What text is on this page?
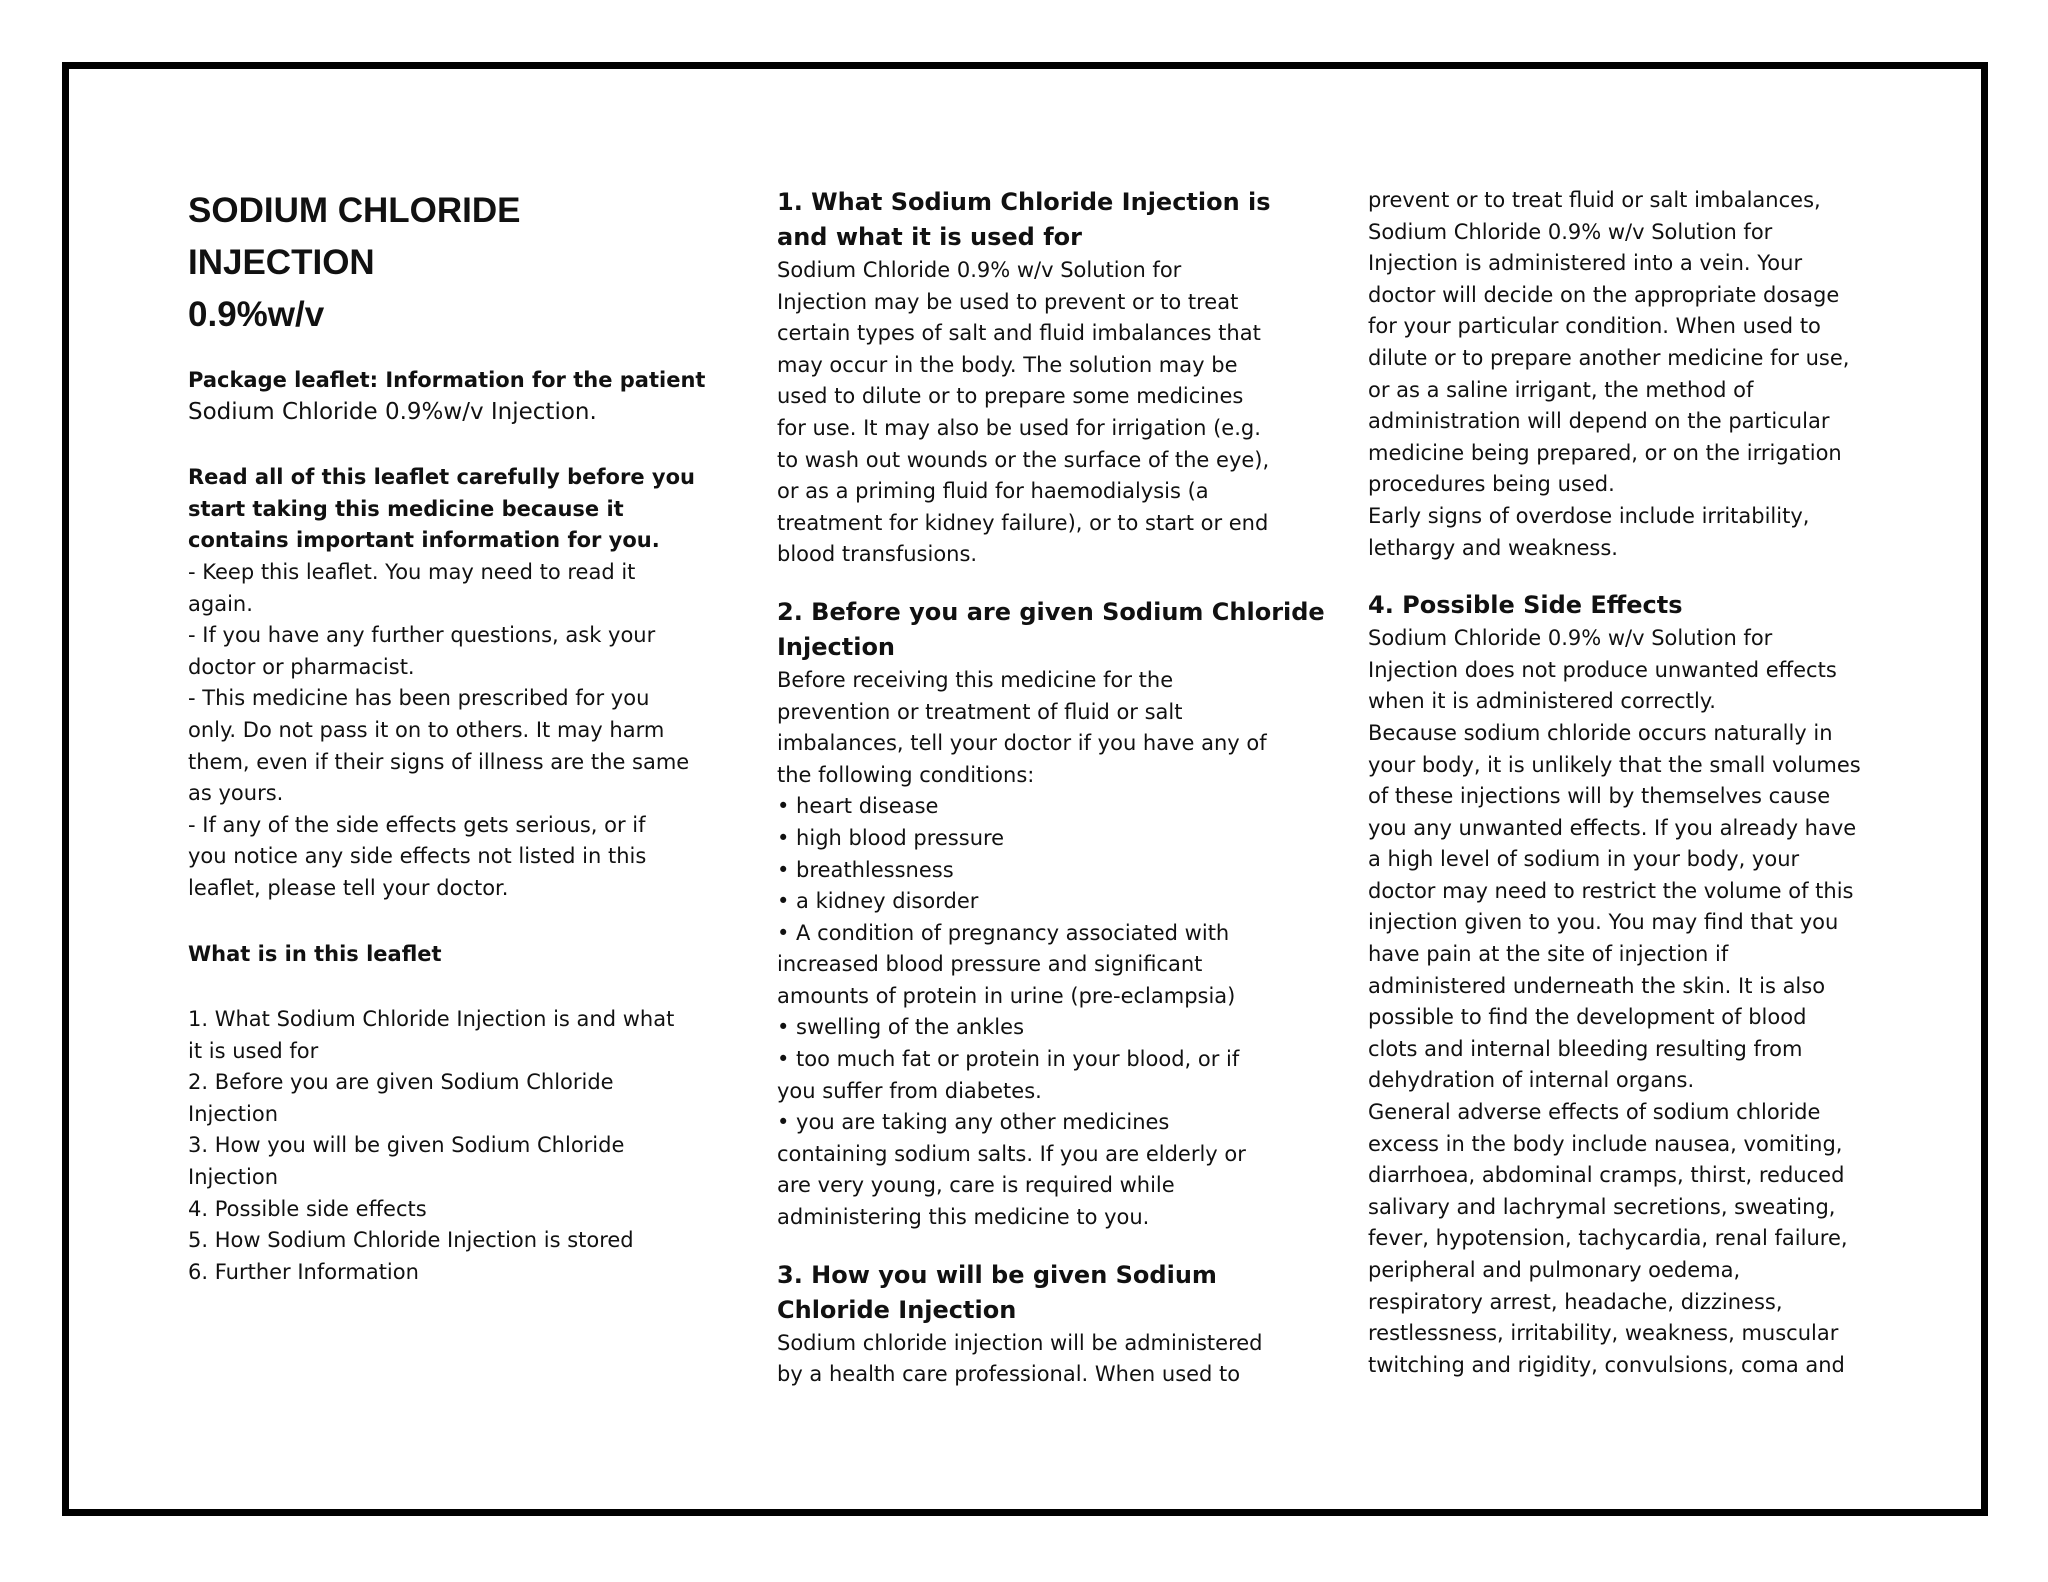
SODIUM CHLORIDE
INJECTION
0.9%w/v
Package leaflet: Information for the patient
Sodium Chloride 0.9%w/v Injection.
Read all of this leaflet carefully before you
start taking this medicine because it
contains important information for you.
- Keep this leaflet. You may need to read it
again.
- If you have any further questions, ask your
doctor or pharmacist.
- This medicine has been prescribed for you
only. Do not pass it on to others. It may harm
them, even if their signs of illness are the same
as yours.
- If any of the side effects gets serious, or if
you notice any side effects not listed in this
leaflet, please tell your doctor.
What is in this leaflet
1. What Sodium Chloride Injection is and what
it is used for
2. Before you are given Sodium Chloride
Injection
3. How you will be given Sodium Chloride
Injection
4. Possible side effects
5. How Sodium Chloride Injection is stored
6. Further Information
1. What Sodium Chloride Injection is
and what it is used for
Sodium Chloride 0.9% w/v Solution for
Injection may be used to prevent or to treat
certain types of salt and fluid imbalances that
may occur in the body. The solution may be
used to dilute or to prepare some medicines
for use. It may also be used for irrigation (e.g.
to wash out wounds or the surface of the eye),
or as a priming fluid for haemodialysis (a
treatment for kidney failure), or to start or end
blood transfusions.
2. Before you are given Sodium Chloride
Injection
Before receiving this medicine for the
prevention or treatment of fluid or salt
imbalances, tell your doctor if you have any of
the following conditions:
• heart disease
• high blood pressure
• breathlessness
• a kidney disorder
• A condition of pregnancy associated with
increased blood pressure and significant
amounts of protein in urine (pre-eclampsia)
• swelling of the ankles
• too much fat or protein in your blood, or if
you suffer from diabetes.
• you are taking any other medicines
containing sodium salts. If you are elderly or
are very young, care is required while
administering this medicine to you.
3. How you will be given Sodium
Chloride Injection
Sodium chloride injection will be administered
by a health care professional. When used to
prevent or to treat fluid or salt imbalances,
Sodium Chloride 0.9% w/v Solution for
Injection is administered into a vein. Your
doctor will decide on the appropriate dosage
for your particular condition. When used to
dilute or to prepare another medicine for use,
or as a saline irrigant, the method of
administration will depend on the particular
medicine being prepared, or on the irrigation
procedures being used.
Early signs of overdose include irritability,
lethargy and weakness.
4. Possible Side Effects
Sodium Chloride 0.9% w/v Solution for
Injection does not produce unwanted effects
when it is administered correctly.
Because sodium chloride occurs naturally in
your body, it is unlikely that the small volumes
of these injections will by themselves cause
you any unwanted effects. If you already have
a high level of sodium in your body, your
doctor may need to restrict the volume of this
injection given to you. You may find that you
have pain at the site of injection if
administered underneath the skin. It is also
possible to find the development of blood
clots and internal bleeding resulting from
dehydration of internal organs.
General adverse effects of sodium chloride
excess in the body include nausea, vomiting,
diarrhoea, abdominal cramps, thirst, reduced
salivary and lachrymal secretions, sweating,
fever, hypotension, tachycardia, renal failure,
peripheral and pulmonary oedema,
respiratory arrest, headache, dizziness,
restlessness, irritability, weakness, muscular
twitching and rigidity, convulsions, coma and
